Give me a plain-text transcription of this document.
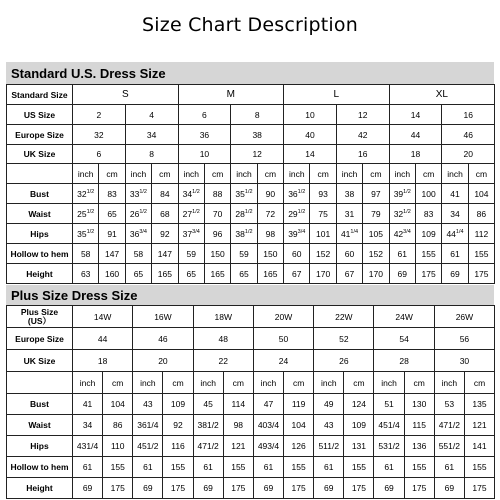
Size Chart Description
Standard U.S. Dress Size
Standard Size	S				M				L				XL			
US Size	2		4		6		8		10		12		14		16	
Europe Size	32		34		36		38		40		42		44		46	
UK Size	6		8		10		12		14		16		18		20	
	inch	cm	inch	cm	inch	cm	inch	cm	inch	cm	inch	cm	inch	cm	inch	cm
Bust	$32^{1/2}$	83	$33^{1/2}$	84	$34^{1/2}$	88	$35^{1/2}$	90	$36^{1/2}$	93	38	97	$39^{1/2}$	100	41	104
Waist	$25^{1/2}$	65	$26^{1/2}$	68	$27^{1/2}$	70	$28^{1/2}$	72	$29^{1/2}$	75	31	79	$32^{1/2}$	83	34	86
Hips	$35^{1/2}$	91	$36^{3/4}$	92	$37^{3/4}$	96	$38^{1/2}$	98	$39^{3/4}$	101	$41^{1/4}$	105	$42^{3/4}$	109	$44^{1/4}$	112
Hollow to hem	58	147	58	147	59	150	59	150	60	152	60	152	61	155	61	155
Height	63	160	65	165	65	165	65	165	67	170	67	170	69	175	69	175
Plus Size Dress Size
Plus Size
(US）	14W		16W		18W		20W		22W		24W		26W	
Europe Size	44		46		48		50		52		54		56	
UK Size	18		20		22		24		26		28		30	
	inch	cm	inch	cm	inch	cm	inch	cm	inch	cm	inch	cm	inch	cm
Bust	41	104	43	109	45	114	47	119	49	124	51	130	53	135
Waist	34	86	361/4	92	381/2	98	403/4	104	43	109	451/4	115	471/2	121
Hips	431/4	110	451/2	116	471/2	121	493/4	126	511/2	131	531/2	136	551/2	141
Hollow to hem	61	155	61	155	61	155	61	155	61	155	61	155	61	155
Height	69	175	69	175	69	175	69	175	69	175	69	175	69	175
